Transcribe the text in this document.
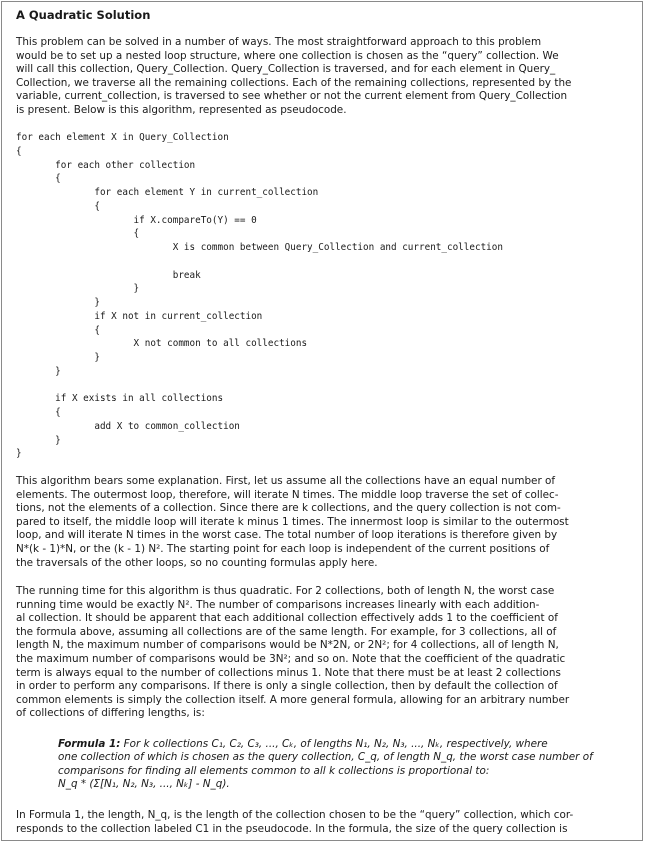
A Quadratic Solution

This problem can be solved in a number of ways. The most straightforward approach to this problem
would be to set up a nested loop structure, where one collection is chosen as the “query” collection. We
will call this collection, Query_Collection. Query_Collection is traversed, and for each element in Query_
Collection, we traverse all the remaining collections. Each of the remaining collections, represented by the
variable, current_collection, is traversed to see whether or not the current element from Query_Collection
is present. Below is this algorithm, represented as pseudocode.

for each element X in Query_Collection
{
for each other collection
{
for each element Y in current_collection
{
if X.compareTo(Y) == 0
{
X is common between Query_Collection and current_collection

break
}
}
if X not in current_collection
{
X not common to all collections
}
}

if X exists in all collections
{
add X to common_collection
}
}

This algorithm bears some explanation. First, let us assume all the collections have an equal number of
elements. The outermost loop, therefore, will iterate N times. The middle loop traverse the set of collec-
tions, not the elements of a collection. Since there are k collections, and the query collection is not com-
pared to itself, the middle loop will iterate k minus 1 times. The innermost loop is similar to the outermost
loop, and will iterate N times in the worst case. The total number of loop iterations is therefore given by
N*(k - 1)*N, or the (k - 1) N². The starting point for each loop is independent of the current positions of
the traversals of the other loops, so no counting formulas apply here.

The running time for this algorithm is thus quadratic. For 2 collections, both of length N, the worst case
running time would be exactly N². The number of comparisons increases linearly with each addition-
al collection. It should be apparent that each additional collection effectively adds 1 to the coefficient of
the formula above, assuming all collections are of the same length. For example, for 3 collections, all of
length N, the maximum number of comparisons would be N*2N, or 2N²; for 4 collections, all of length N,
the maximum number of comparisons would be 3N²; and so on. Note that the coefficient of the quadratic
term is always equal to the number of collections minus 1. Note that there must be at least 2 collections
in order to perform any comparisons. If there is only a single collection, then by default the collection of
common elements is simply the collection itself. A more general formula, allowing for an arbitrary number
of collections of differing lengths, is:

Formula 1: For k collections C₁, C₂, C₃, ..., Cₖ, of lengths N₁, N₂, N₃, ..., Nₖ, respectively, where
one collection of which is chosen as the query collection, C_q, of length N_q, the worst case number of
comparisons for finding all elements common to all k collections is proportional to:
N_q * (Σ[N₁, N₂, N₃, ..., Nₖ] - N_q).

In Formula 1, the length, N_q, is the length of the collection chosen to be the “query” collection, which cor-
responds to the collection labeled C1 in the pseudocode. In the formula, the size of the query collection is
